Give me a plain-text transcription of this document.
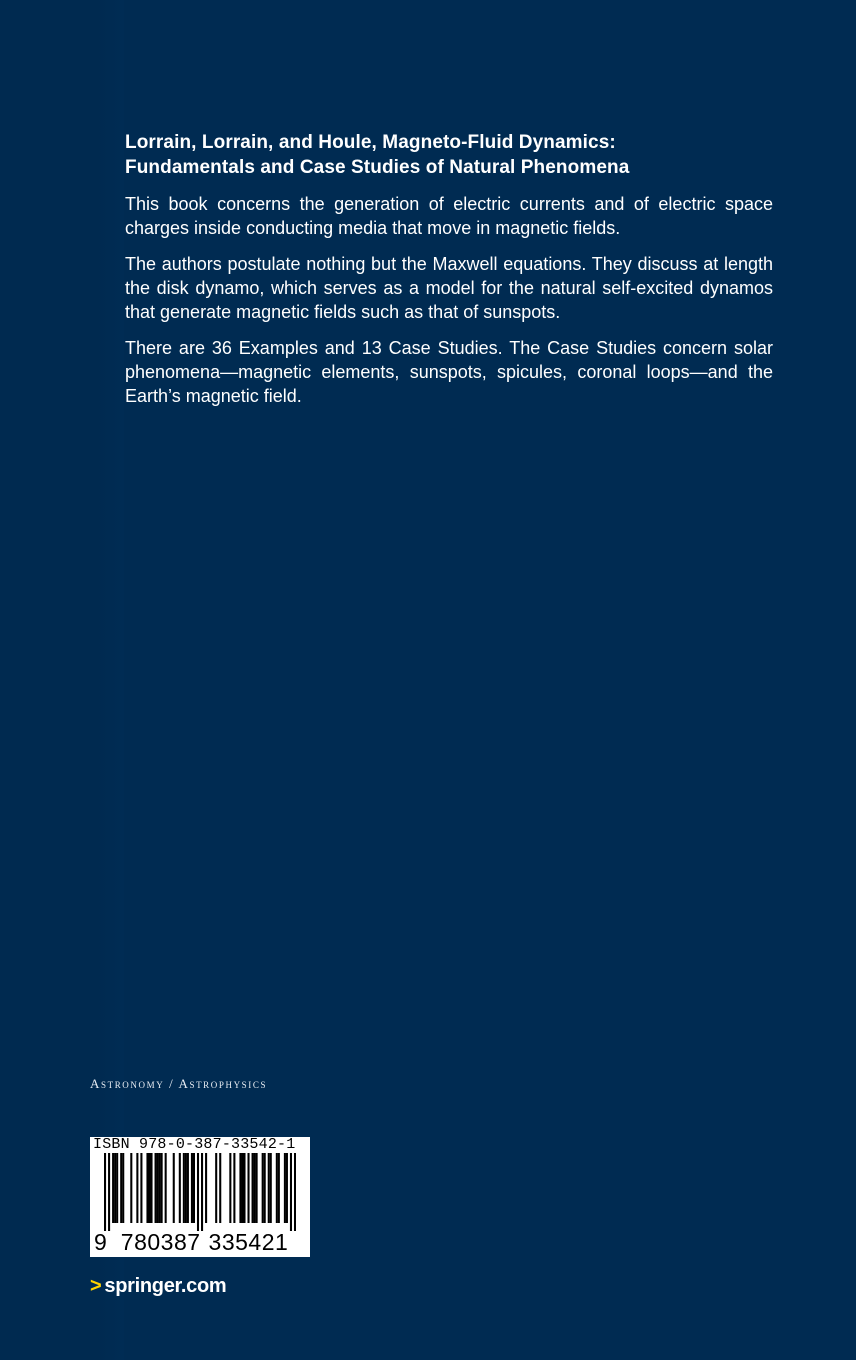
Lorrain, Lorrain, and Houle, Magneto-Fluid Dynamics:
Fundamentals and Case Studies of Natural Phenomena

This book concerns the generation of electric currents and of electric space charges inside conducting media that move in magnetic fields.

The authors postulate nothing but the Maxwell equations. They discuss at length the disk dynamo, which serves as a model for the natural self-excited dynamos that generate magnetic fields such as that of sunspots.

There are 36 Examples and 13 Case Studies. The Case Studies concern solar phenomena—magnetic elements, sunspots, spicules, coronal loops—and the Earth’s magnetic field.

Astronomy / Astrophysics
ISBN 978-0-387-33542-1
9 780387 335421
> springer.com
